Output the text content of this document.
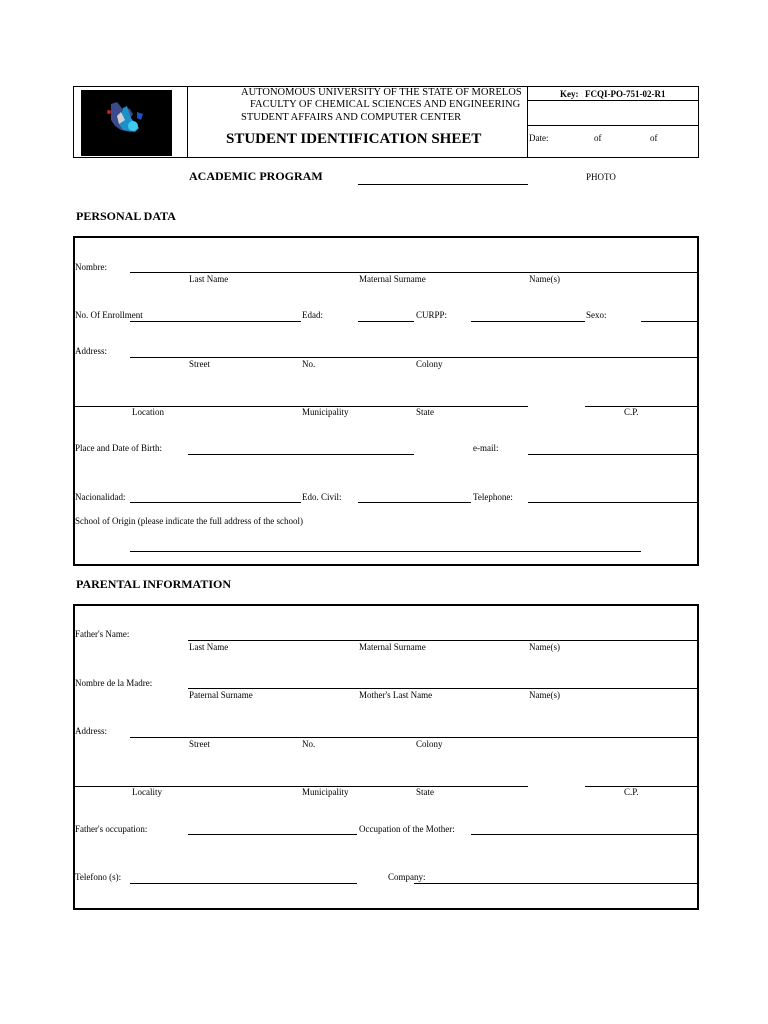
AUTONOMOUS UNIVERSITY OF THE STATE OF MORELOS
FACULTY OF CHEMICAL SCIENCES AND ENGINEERING
STUDENT AFFAIRS AND COMPUTER CENTER
STUDENT IDENTIFICATION SHEET
Key: FCQI-PO-751-02-R1
Date:	of	of
ACADEMIC PROGRAM	PHOTO
PERSONAL DATA
Nombre:
Last Name	Maternal Surname	Name(s)
No. Of Enrollment	Edad:	CURPP:	Sexo:
Address:
Street	No.	Colony
Location	Municipality	State	C.P.
Place and Date of Birth:	e-mail:
Nacionalidad:	Edo. Civil:	Telephone:
School of Origin (please indicate the full address of the school)
PARENTAL INFORMATION
Father's Name:
Last Name	Maternal Surname	Name(s)
Nombre de la Madre:
Paternal Surname	Mother's Last Name	Name(s)
Address:
Street	No.	Colony
Locality	Municipality	State	C.P.
Father's occupation:	Occupation of the Mother:
Telefono (s):	Company:
